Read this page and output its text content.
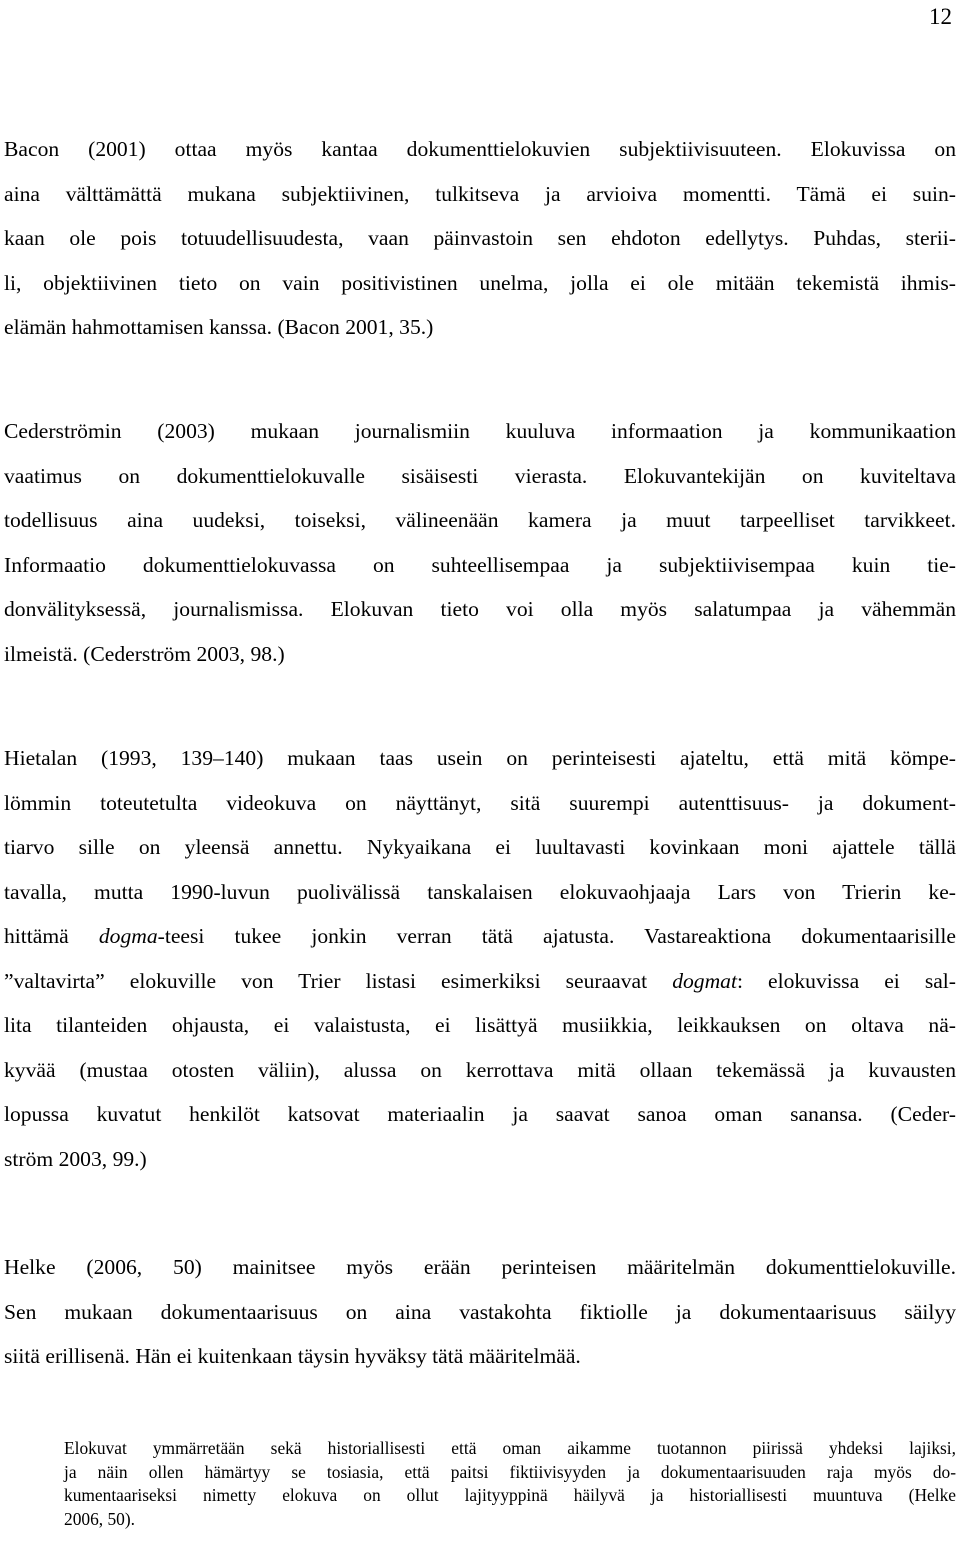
12
Bacon (2001) ottaa myös kantaa dokumenttielokuvien subjektiivisuuteen. Elokuvissa on
aina välttämättä mukana subjektiivinen, tulkitseva ja arvioiva momentti. Tämä ei suin-
kaan ole pois totuudellisuudesta, vaan päinvastoin sen ehdoton edellytys. Puhdas, sterii-
li, objektiivinen tieto on vain positivistinen unelma, jolla ei ole mitään tekemistä ihmis-
elämän hahmottamisen kanssa. (Bacon 2001, 35.)
Cederströmin (2003) mukaan journalismiin kuuluva informaation ja kommunikaation
vaatimus on dokumenttielokuvalle sisäisesti vierasta. Elokuvantekijän on kuviteltava
todellisuus aina uudeksi, toiseksi, välineenään kamera ja muut tarpeelliset tarvikkeet.
Informaatio dokumenttielokuvassa on suhteellisempaa ja subjektiivisempaa kuin tie-
donvälityksessä, journalismissa. Elokuvan tieto voi olla myös salatumpaa ja vähemmän
ilmeistä. (Cederström 2003, 98.)
Hietalan (1993, 139–140) mukaan taas usein on perinteisesti ajateltu, että mitä kömpe-
lömmin toteutetulta videokuva on näyttänyt, sitä suurempi autenttisuus- ja dokument-
tiarvo sille on yleensä annettu. Nykyaikana ei luultavasti kovinkaan moni ajattele tällä
tavalla, mutta 1990-luvun puolivälissä tanskalaisen elokuvaohjaaja Lars von Trierin ke-
hittämä dogma-teesi tukee jonkin verran tätä ajatusta. Vastareaktiona dokumentaarisille
”valtavirta” elokuville von Trier listasi esimerkiksi seuraavat dogmat: elokuvissa ei sal-
lita tilanteiden ohjausta, ei valaistusta, ei lisättyä musiikkia, leikkauksen on oltava nä-
kyvää (mustaa otosten väliin), alussa on kerrottava mitä ollaan tekemässä ja kuvausten
lopussa kuvatut henkilöt katsovat materiaalin ja saavat sanoa oman sanansa. (Ceder-
ström 2003, 99.)
Helke (2006, 50) mainitsee myös erään perinteisen määritelmän dokumenttielokuville.
Sen mukaan dokumentaarisuus on aina vastakohta fiktiolle ja dokumentaarisuus säilyy
siitä erillisenä. Hän ei kuitenkaan täysin hyväksy tätä määritelmää.
Elokuvat ymmärretään sekä historiallisesti että oman aikamme tuotannon piirissä yhdeksi lajiksi,
ja näin ollen hämärtyy se tosiasia, että paitsi fiktiivisyyden ja dokumentaarisuuden raja myös do-
kumentaariseksi nimetty elokuva on ollut lajityyppinä häilyvä ja historiallisesti muuntuva (Helke
2006, 50).
